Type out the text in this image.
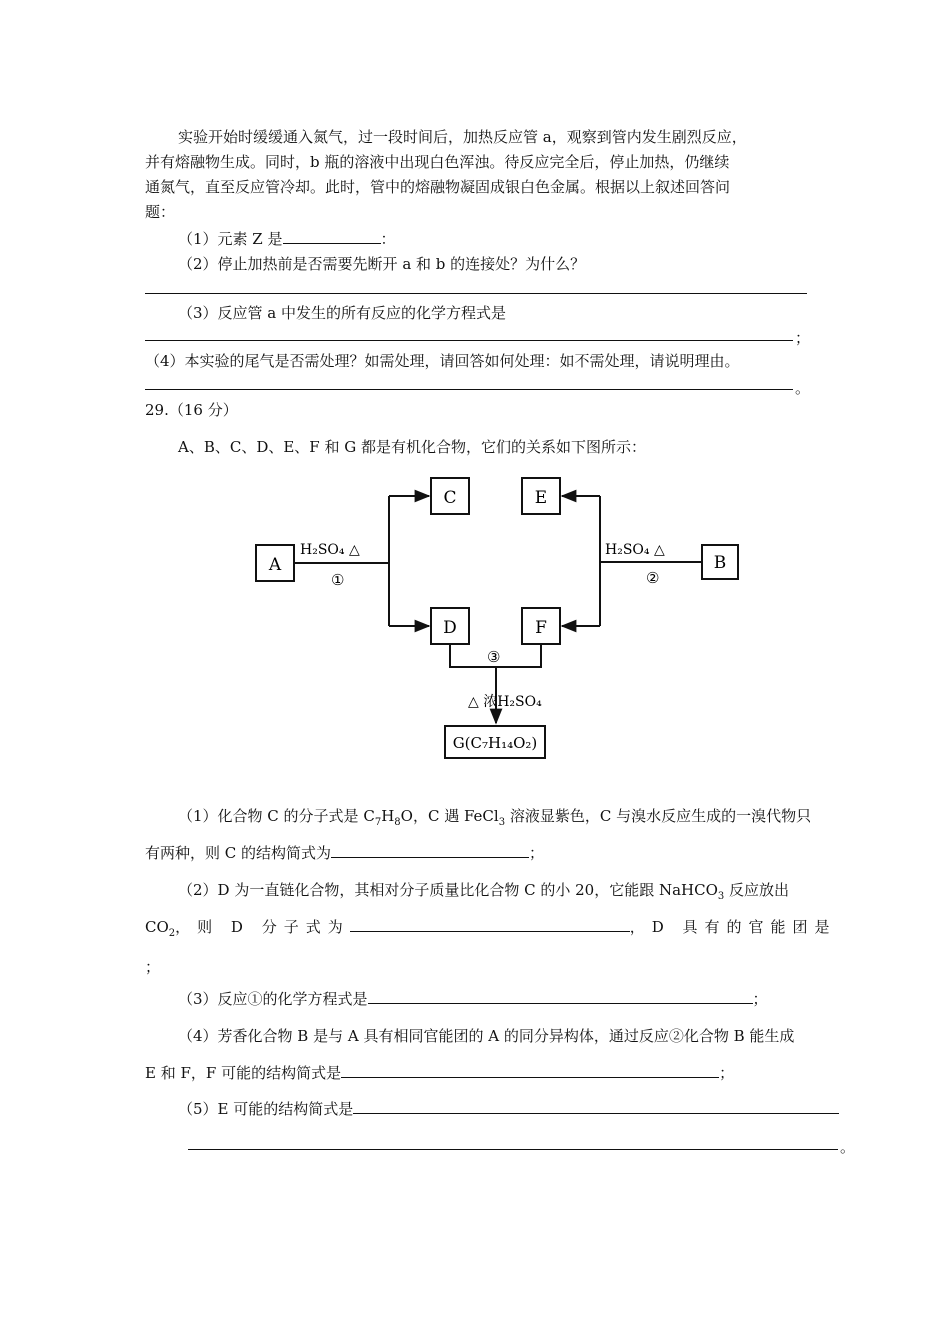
实验开始时缓缓通入氮气，过一段时间后，加热反应管 a，观察到管内发生剧烈反应，
并有熔融物生成。同时，b 瓶的溶液中出现白色浑浊。待反应完全后，停止加热，仍继续
通氮气，直至反应管冷却。此时，管中的熔融物凝固成银白色金属。根据以上叙述回答问
题：
（1）元素 Z 是	：
（2）停止加热前是否需要先断开 a 和 b 的连接处？为什么？
（3）反应管 a 中发生的所有反应的化学方程式是
；
（4）本实验的尾气是否需处理？如需处理，请回答如何处理：如不需处理，请说明理由。
。
29.（16 分）
A、B、C、D、E、F 和 G 都是有机化合物，它们的关系如下图所示：
A	B
C	E
D	F
H₂SO₄ △
①
H₂SO₄ △
②
③
△ 浓H₂SO₄
G(C₇H₁₄O₂)
（1）化合物 C 的分子式是 $C_7H_8O$，C 遇 FeCl$_3$ 溶液显紫色，C 与溴水反应生成的一溴代物只
有两种，则 C 的结构简式为	；
（2）D 为一直链化合物，其相对分子质量比化合物 C 的小 20，它能跟 NaHCO$_3$ 反应放出
$CO_2$，则 D 分子式为	，D 具有的官能团是
；
（3）反应①的化学方程式是	；
（4）芳香化合物 B 是与 A 具有相同官能团的 A 的同分异构体，通过反应②化合物 B 能生成
E 和 F，F 可能的结构简式是	；
（5）E 可能的结构简式是
。
